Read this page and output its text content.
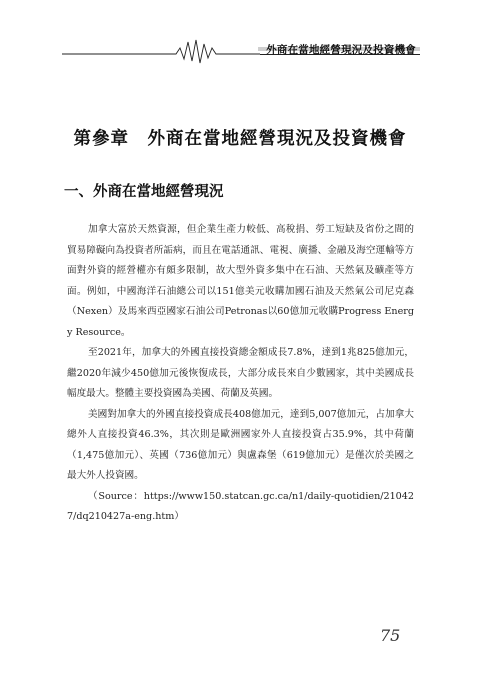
外商在當地經營現況及投資機會
第參章　外商在當地經營現況及投資機會
一、外商在當地經營現況

加拿大富於天然資源，但企業生產力較低、高稅捐、勞工短缺及省份之間的貿易障礙向為投資者所詬病，而且在電話通訊、電視、廣播、金融及海空運輸等方面對外資的經營權亦有頗多限制，故大型外資多集中在石油、天然氣及礦產等方面。例如，中國海洋石油總公司以151億美元收購加國石油及天然氣公司尼克森（Nexen）及馬來西亞國家石油公司Petronas以60億加元收購Progress Energy Resource。

至2021年，加拿大的外國直接投資總金額成長7.8%，達到1兆825億加元，繼2020年減少450億加元後恢復成長，大部分成長來自少數國家，其中美國成長幅度最大。整體主要投資國為美國、荷蘭及英國。

美國對加拿大的外國直接投資成長408億加元，達到5,007億加元，占加拿大總外人直接投資46.3%，其次則是歐洲國家外人直接投資占35.9%，其中荷蘭（1,475億加元）、英國（736億加元）與盧森堡（619億加元）是僅次於美國之最大外人投資國。

（Source：https://www150.statcan.gc.ca/n1/daily-quotidien/210427/dq210427a-eng.htm）

75
